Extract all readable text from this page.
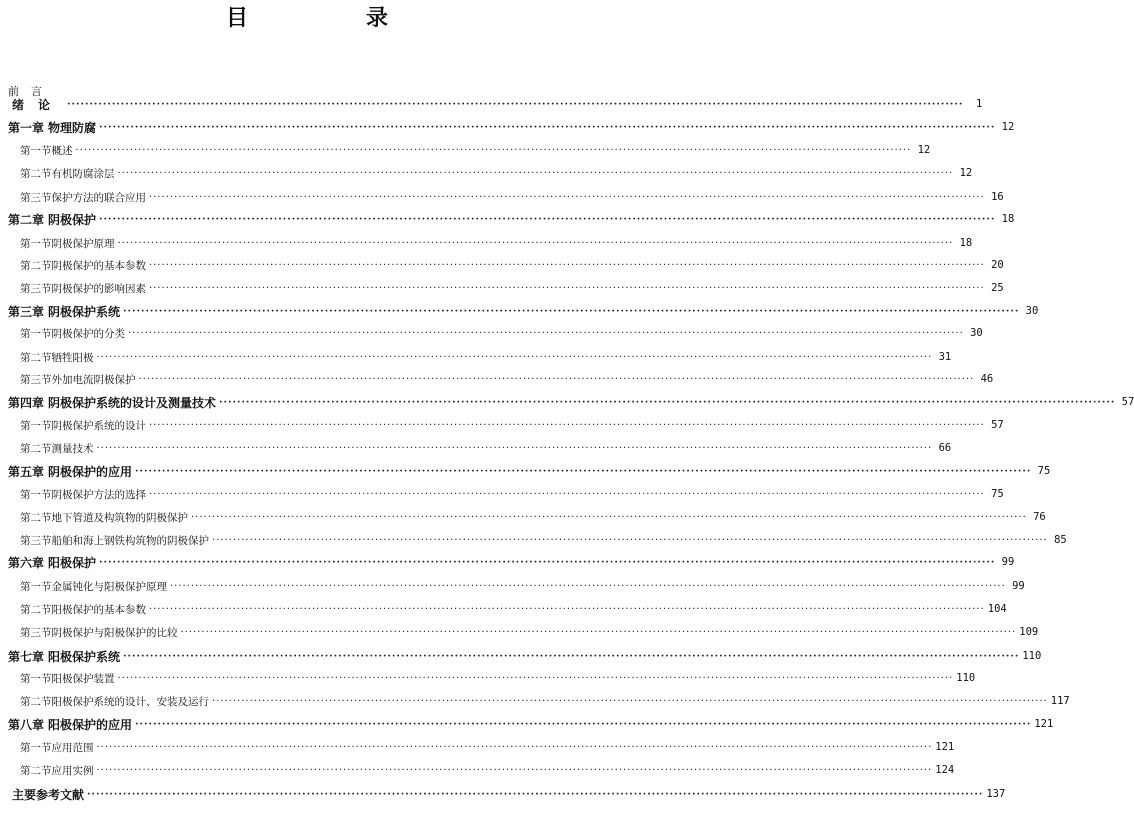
目　录
前言
绪论 ········································································································································································································	1
第一章 物理防腐 ········································································································································································································ 12
第一节 概述 ········································································································································································································ 12
第二节 有机防腐涂层 ········································································································································································································ 12
第三节 保护方法的联合应用 ········································································································································································································ 16
第二章 阴极保护 ········································································································································································································ 18
第一节 阴极保护原理 ········································································································································································································ 18
第二节 阴极保护的基本参数 ········································································································································································································ 20
第三节 阴极保护的影响因素 ········································································································································································································ 25
第三章 阴极保护系统 ········································································································································································································ 30
第一节 阴极保护的分类 ········································································································································································································ 30
第二节 牺牲阳极 ········································································································································································································ 31
第三节 外加电流阴极保护 ········································································································································································································ 46
第四章 阴极保护系统的设计及测量技术 ········································································································································································································ 57
第一节 阴极保护系统的设计 ········································································································································································································ 57
第二节 测量技术 ········································································································································································································ 66
第五章 阴极保护的应用 ········································································································································································································ 75
第一节 阴极保护方法的选择 ········································································································································································································ 75
第二节 地下管道及构筑物的阴极保护 ········································································································································································································ 76
第三节 船舶和海上钢铁构筑物的阴极保护 ········································································································································································································ 85
第六章 阳极保护 ········································································································································································································ 99
第一节 金属钝化与阳极保护原理 ········································································································································································································ 99
第二节 阳极保护的基本参数 ········································································································································································································ 104
第三节 阴极保护与阳极保护的比较 ········································································································································································································ 109
第七章 阳极保护系统 ········································································································································································································ 110
第一节 阳极保护装置 ········································································································································································································ 110
第二节 阳极保护系统的设计、安装及运行 ········································································································································································································ 117
第八章 阳极保护的应用 ········································································································································································································ 121
第一节 应用范围 ········································································································································································································ 121
第二节 应用实例 ········································································································································································································ 124
主要参考文献 ········································································································································································································ 137
